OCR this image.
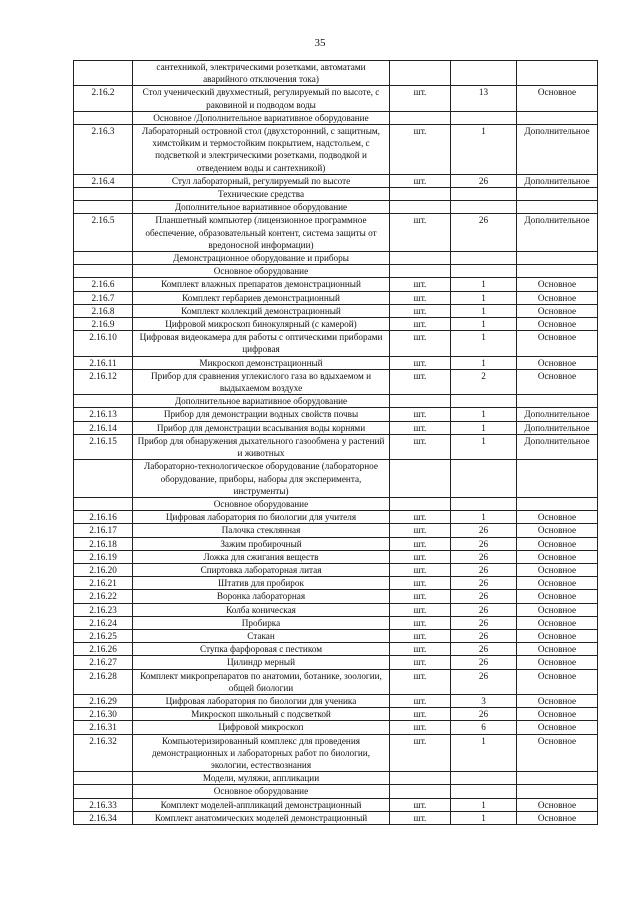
35
	сантехникой, электрическими розетками, автоматами аварийного отключения тока)			
2.16.2	Стол ученический двухместный, регулируемый по высоте, с раковиной и подводом воды	шт.	13	Основное
	Основное /Дополнительное вариативное оборудование			
2.16.3	Лабораторный островной стол (двухсторонний, с защитным, химстойким и термостойким покрытием, надстольем, с подсветкой и электрическими розетками, подводкой и отведением воды и сантехникой)	шт.	1	Дополнительное
2.16.4	Стул лабораторный, регулируемый по высоте	шт.	26	Дополнительное
	Технические средства			
	Дополнительное вариативное оборудование			
2.16.5	Планшетный компьютер (лицензионное программное обеспечение, образовательный контент, система защиты от вредоносной информации)	шт.	26	Дополнительное
	Демонстрационное оборудование и приборы			
	Основное оборудование			
2.16.6	Комплект влажных препаратов демонстрационный	шт.	1	Основное
2.16.7	Комплект гербариев демонстрационный	шт.	1	Основное
2.16.8	Комплект коллекций демонстрационный	шт.	1	Основное
2.16.9	Цифровой микроскоп бинокулярный (с камерой)	шт.	1	Основное
2.16.10	Цифровая видеокамера для работы с оптическими приборами цифровая	шт.	1	Основное
2.16.11	Микроскоп демонстрационный	шт.	1	Основное
2.16.12	Прибор для сравнения углекислого газа во вдыхаемом и выдыхаемом воздухе	шт.	2	Основное
	Дополнительное вариативное оборудование			
2.16.13	Прибор для демонстрации водных свойств почвы	шт.	1	Дополнительное
2.16.14	Прибор для демонстрации всасывания воды корнями	шт.	1	Дополнительное
2.16.15	Прибор для обнаружения дыхательного газообмена у растений и животных	шт.	1	Дополнительное
	Лабораторно-технологическое оборудование (лабораторное оборудование, приборы, наборы для эксперимента, инструменты)			
	Основное оборудование			
2.16.16	Цифровая лаборатория по биологии для учителя	шт.	1	Основное
2.16.17	Палочка стеклянная	шт.	26	Основное
2.16.18	Зажим пробирочный	шт.	26	Основное
2.16.19	Ложка для сжигания веществ	шт.	26	Основное
2.16.20	Спиртовка лабораторная литая	шт.	26	Основное
2.16.21	Штатив для пробирок	шт.	26	Основное
2.16.22	Воронка лабораторная	шт.	26	Основное
2.16.23	Колба коническая	шт.	26	Основное
2.16.24	Пробирка	шт.	26	Основное
2.16.25	Стакан	шт.	26	Основное
2.16.26	Ступка фарфоровая с пестиком	шт.	26	Основное
2.16.27	Цилиндр мерный	шт.	26	Основное
2.16.28	Комплект микропрепаратов по анатомии, ботанике, зоологии, общей биологии	шт.	26	Основное
2.16.29	Цифровая лаборатория по биологии для ученика	шт.	3	Основное
2.16.30	Микроскоп школьный с подсветкой	шт.	26	Основное
2.16.31	Цифровой микроскоп	шт.	6	Основное
2.16.32	Компьютеризированный комплекс для проведения демонстрационных и лабораторных работ по биологии, экологии, естествознания	шт.	1	Основное
	Модели, муляжи, аппликации			
	Основное оборудование			
2.16.33	Комплект моделей-аппликаций демонстрационный	шт.	1	Основное
2.16.34	Комплект анатомических моделей демонстрационный	шт.	1	Основное
